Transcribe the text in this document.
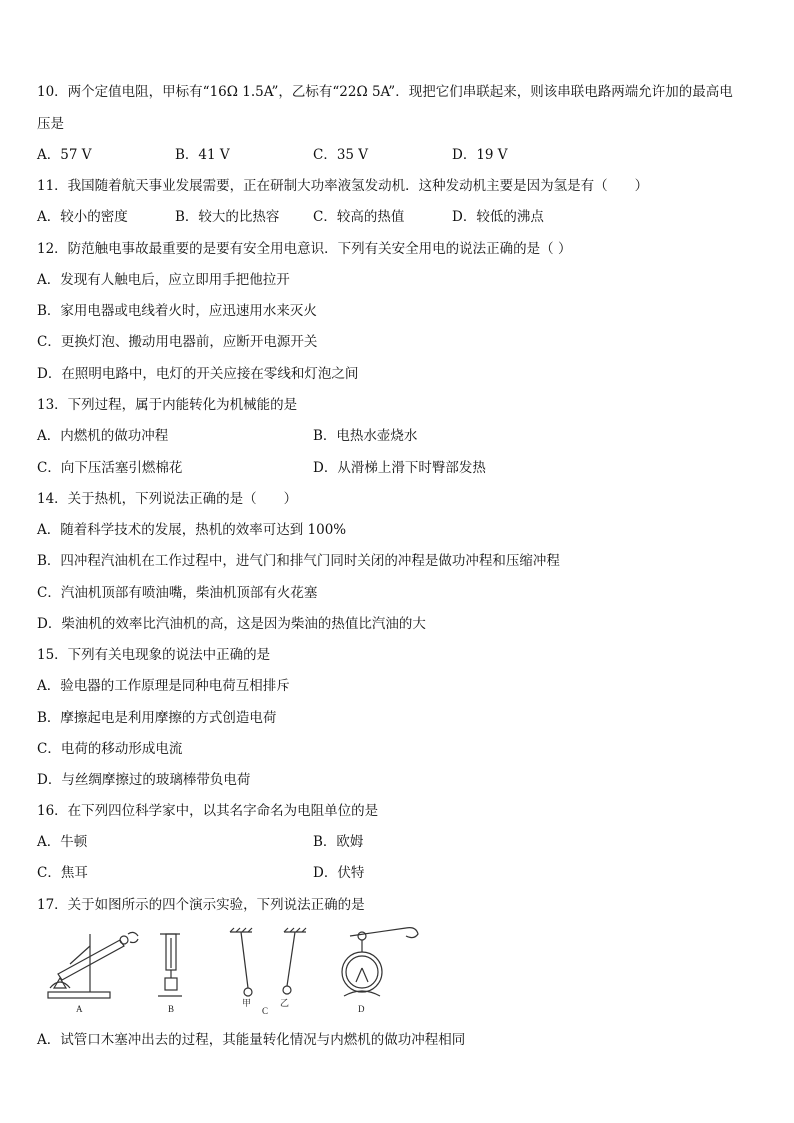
10．两个定值电阻，甲标有“16Ω 1.5A”，乙标有“22Ω 5A”．现把它们串联起来，则该串联电路两端允许加的最高电
压是
A．57 V	B．41 V	C．35 V	D．19 V
11．我国随着航天事业发展需要，正在研制大功率液氢发动机．这种发动机主要是因为氢是有（　　）
A．较小的密度	B．较大的比热容 C．较高的热值	D．较低的沸点
12．防范触电事故最重要的是要有安全用电意识．下列有关安全用电的说法正确的是（ ）
A．发现有人触电后，应立即用手把他拉开
B．家用电器或电线着火时，应迅速用水来灭火
C．更换灯泡、搬动用电器前，应断开电源开关
D．在照明电路中，电灯的开关应接在零线和灯泡之间
13．下列过程，属于内能转化为机械能的是
A．内燃机的做功冲程	B．电热水壶烧水
C．向下压活塞引燃棉花	D．从滑梯上滑下时臀部发热
14．关于热机，下列说法正确的是（　　）
A．随着科学技术的发展，热机的效率可达到 100%
B．四冲程汽油机在工作过程中，进气门和排气门同时关闭的冲程是做功冲程和压缩冲程
C．汽油机顶部有喷油嘴，柴油机顶部有火花塞
D．柴油机的效率比汽油机的高，这是因为柴油的热值比汽油的大
15．下列有关电现象的说法中正确的是
A．验电器的工作原理是同种电荷互相排斥
B．摩擦起电是利用摩擦的方式创造电荷
C．电荷的移动形成电流
D．与丝绸摩擦过的玻璃棒带负电荷
16．在下列四位科学家中，以其名字命名为电阻单位的是
A．牛顿	B．欧姆
C．焦耳	D．伏特
17．关于如图所示的四个演示实验，下列说法正确的是
A	B
甲
C
乙
D
A．试管口木塞冲出去的过程，其能量转化情况与内燃机的做功冲程相同
